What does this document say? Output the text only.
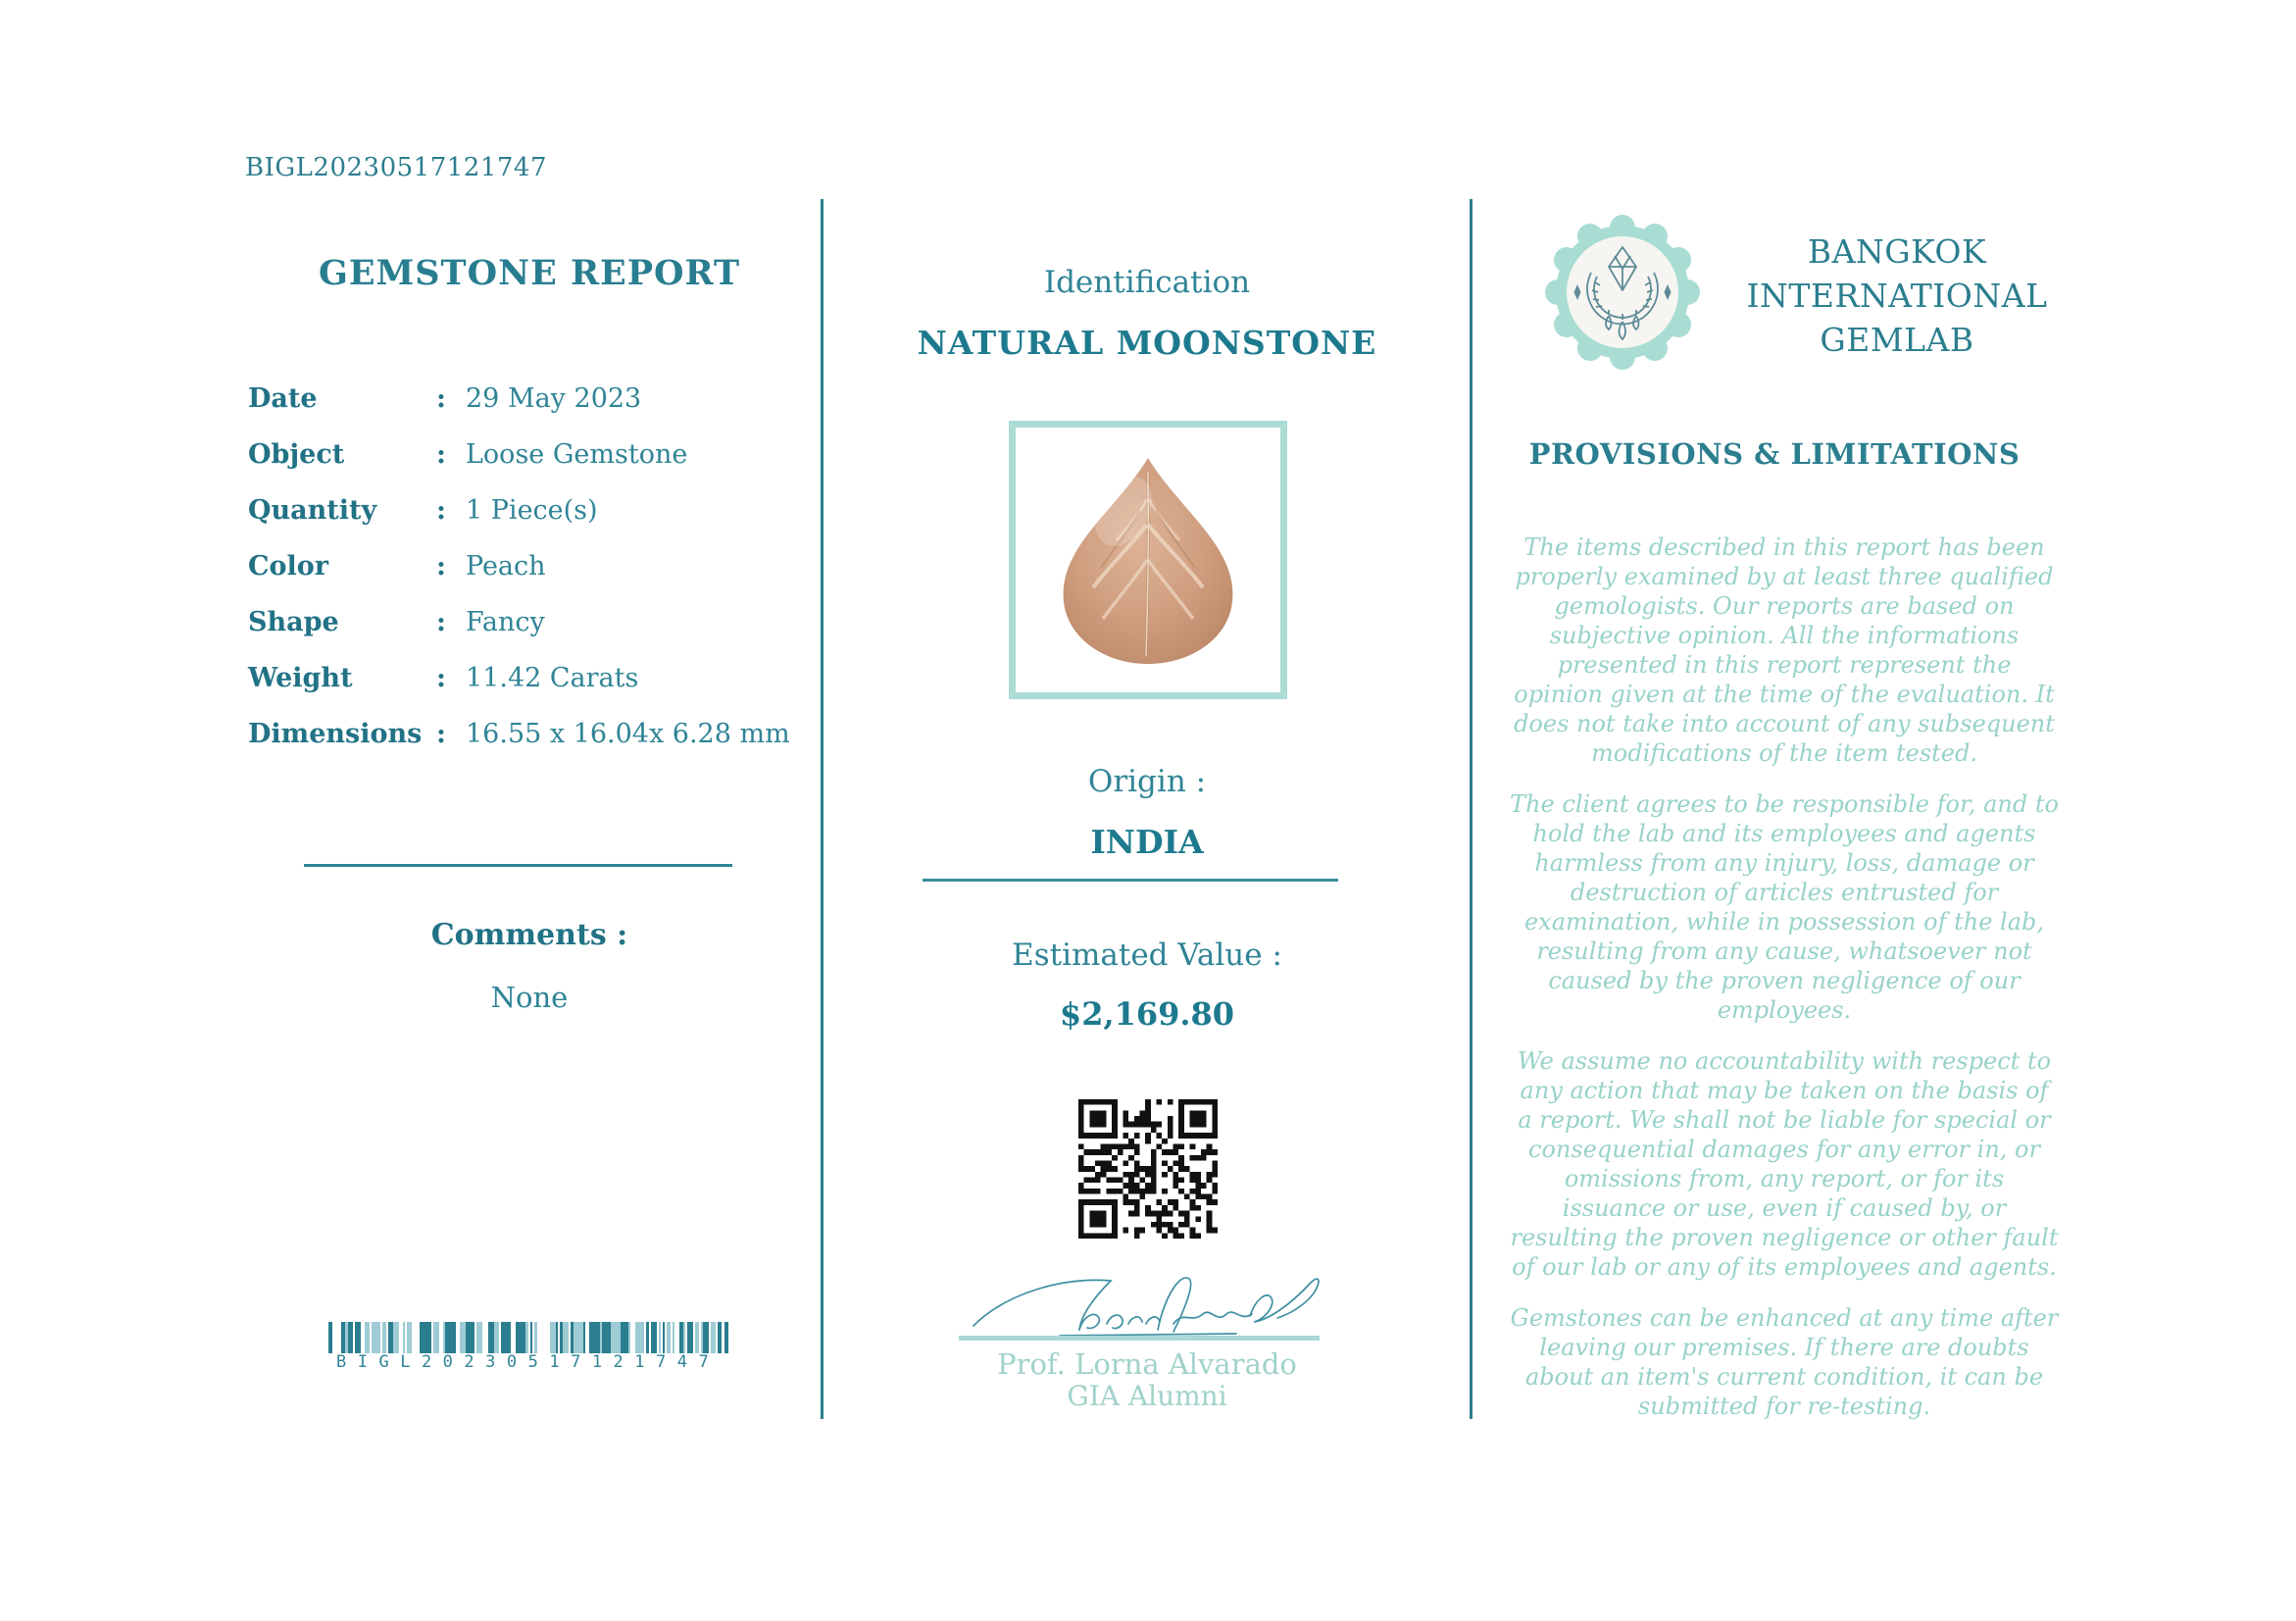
BIGL20230517121747
GEMSTONE REPORT
Date	: 29 May 2023
Object	: Loose Gemstone
Quantity	: 1 Piece(s)
Color	: Peach
Shape	: Fancy
Weight	: 11.42 Carats
Dimensions : 16.55 x 16.04x 6.28 mm
Comments :
None
BIGL20230517121747
Identification
NATURAL MOONSTONE
Origin :
INDIA
Estimated Value :
$2,169.80
Prof. Lorna Alvarado
GIA Alumni
BANGKOK
INTERNATIONAL
GEMLAB
PROVISIONS & LIMITATIONS

The items described in this report has been properly examined by at least three qualified gemologists. Our reports are based on subjective opinion. All the informations presented in this report represent the opinion given at the time of the evaluation. It does not take into account of any subsequent modifications of the item tested.

The client agrees to be responsible for, and to hold the lab and its employees and agents harmless from any injury, loss, damage or destruction of articles entrusted for examination, while in possession of the lab, resulting from any cause, whatsoever not caused by the proven negligence of our employees.

We assume no accountability with respect to any action that may be taken on the basis of a report. We shall not be liable for special or consequential damages for any error in, or omissions from, any report, or for its issuance or use, even if caused by, or resulting the proven negligence or other fault of our lab or any of its employees and agents.

Gemstones can be enhanced at any time after leaving our premises. If there are doubts about an item's current condition, it can be submitted for re-testing.
